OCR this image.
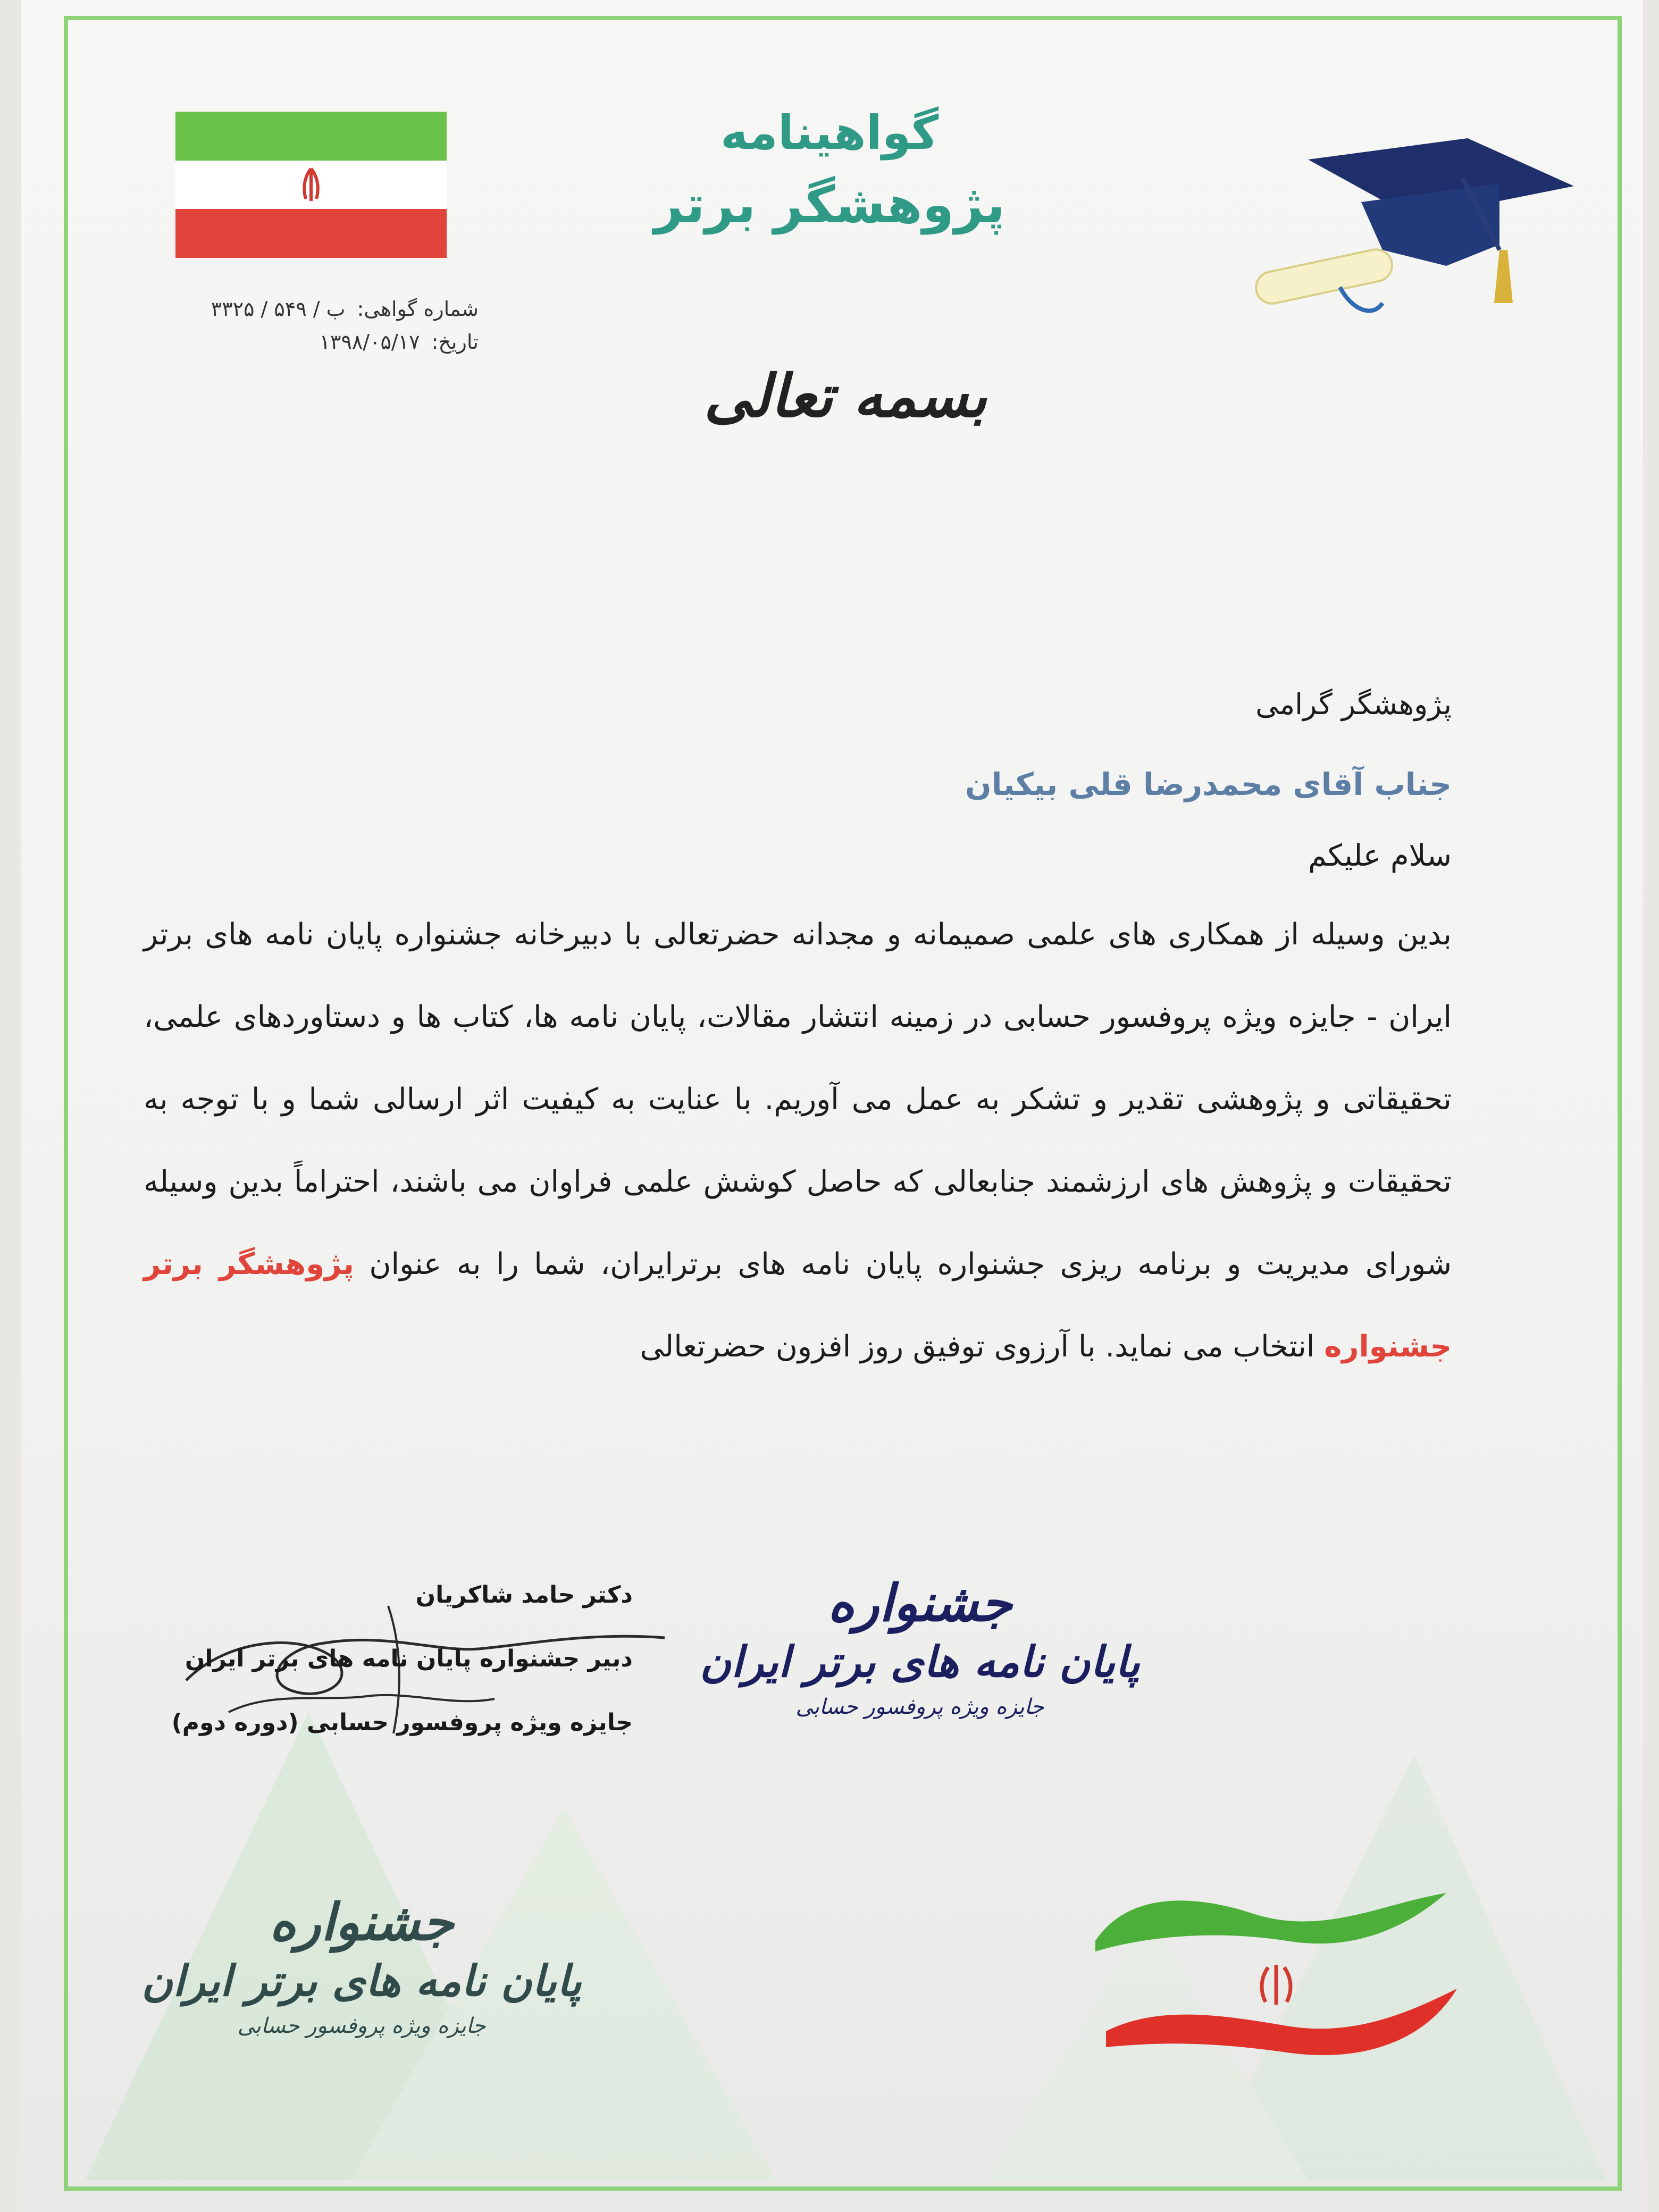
شماره گواهی: ب / ۵۴۹ / ۳۳۲۵
تاریخ: ۱۳۹۸/۰۵/۱۷
گواهینامه
پژوهشگر برتر
بسمه تعالی
پژوهشگر گرامی
جناب آقای محمدرضا قلی بیکیان
سلام علیکم
بدین وسیله از همکاری های علمی صمیمانه و مجدانه حضرتعالی با دبیرخانه جشنواره پایان نامه های برتر ایران - جایزه ویژه پروفسور حسابی در زمینه انتشار مقالات، پایان نامه ها، کتاب ها و دستاوردهای علمی، تحقیقاتی و پژوهشی تقدیر و تشکر به عمل می آوریم. با عنایت به کیفیت اثر ارسالی شما و با توجه به تحقیقات و پژوهش های ارزشمند جنابعالی که حاصل کوشش علمی فراوان می باشند، احتراماً بدین وسیله شورای مدیریت و برنامه ریزی جشنواره پایان نامه های برترایران، شما را به عنوان پژوهشگر برتر جشنواره انتخاب می نماید. با آرزوی توفیق روز افزون حضرتعالی
دکتر حامد شاکریان
دبیر جشنواره پایان نامه های برتر ایران
جایزه ویژه پروفسور حسابی (دوره دوم)
جشنواره
پایان نامه های برتر ایران
جایزه ویژه پروفسور حسابی
جشنواره
پایان نامه های برتر ایران
جایزه ویژه پروفسور حسابی
